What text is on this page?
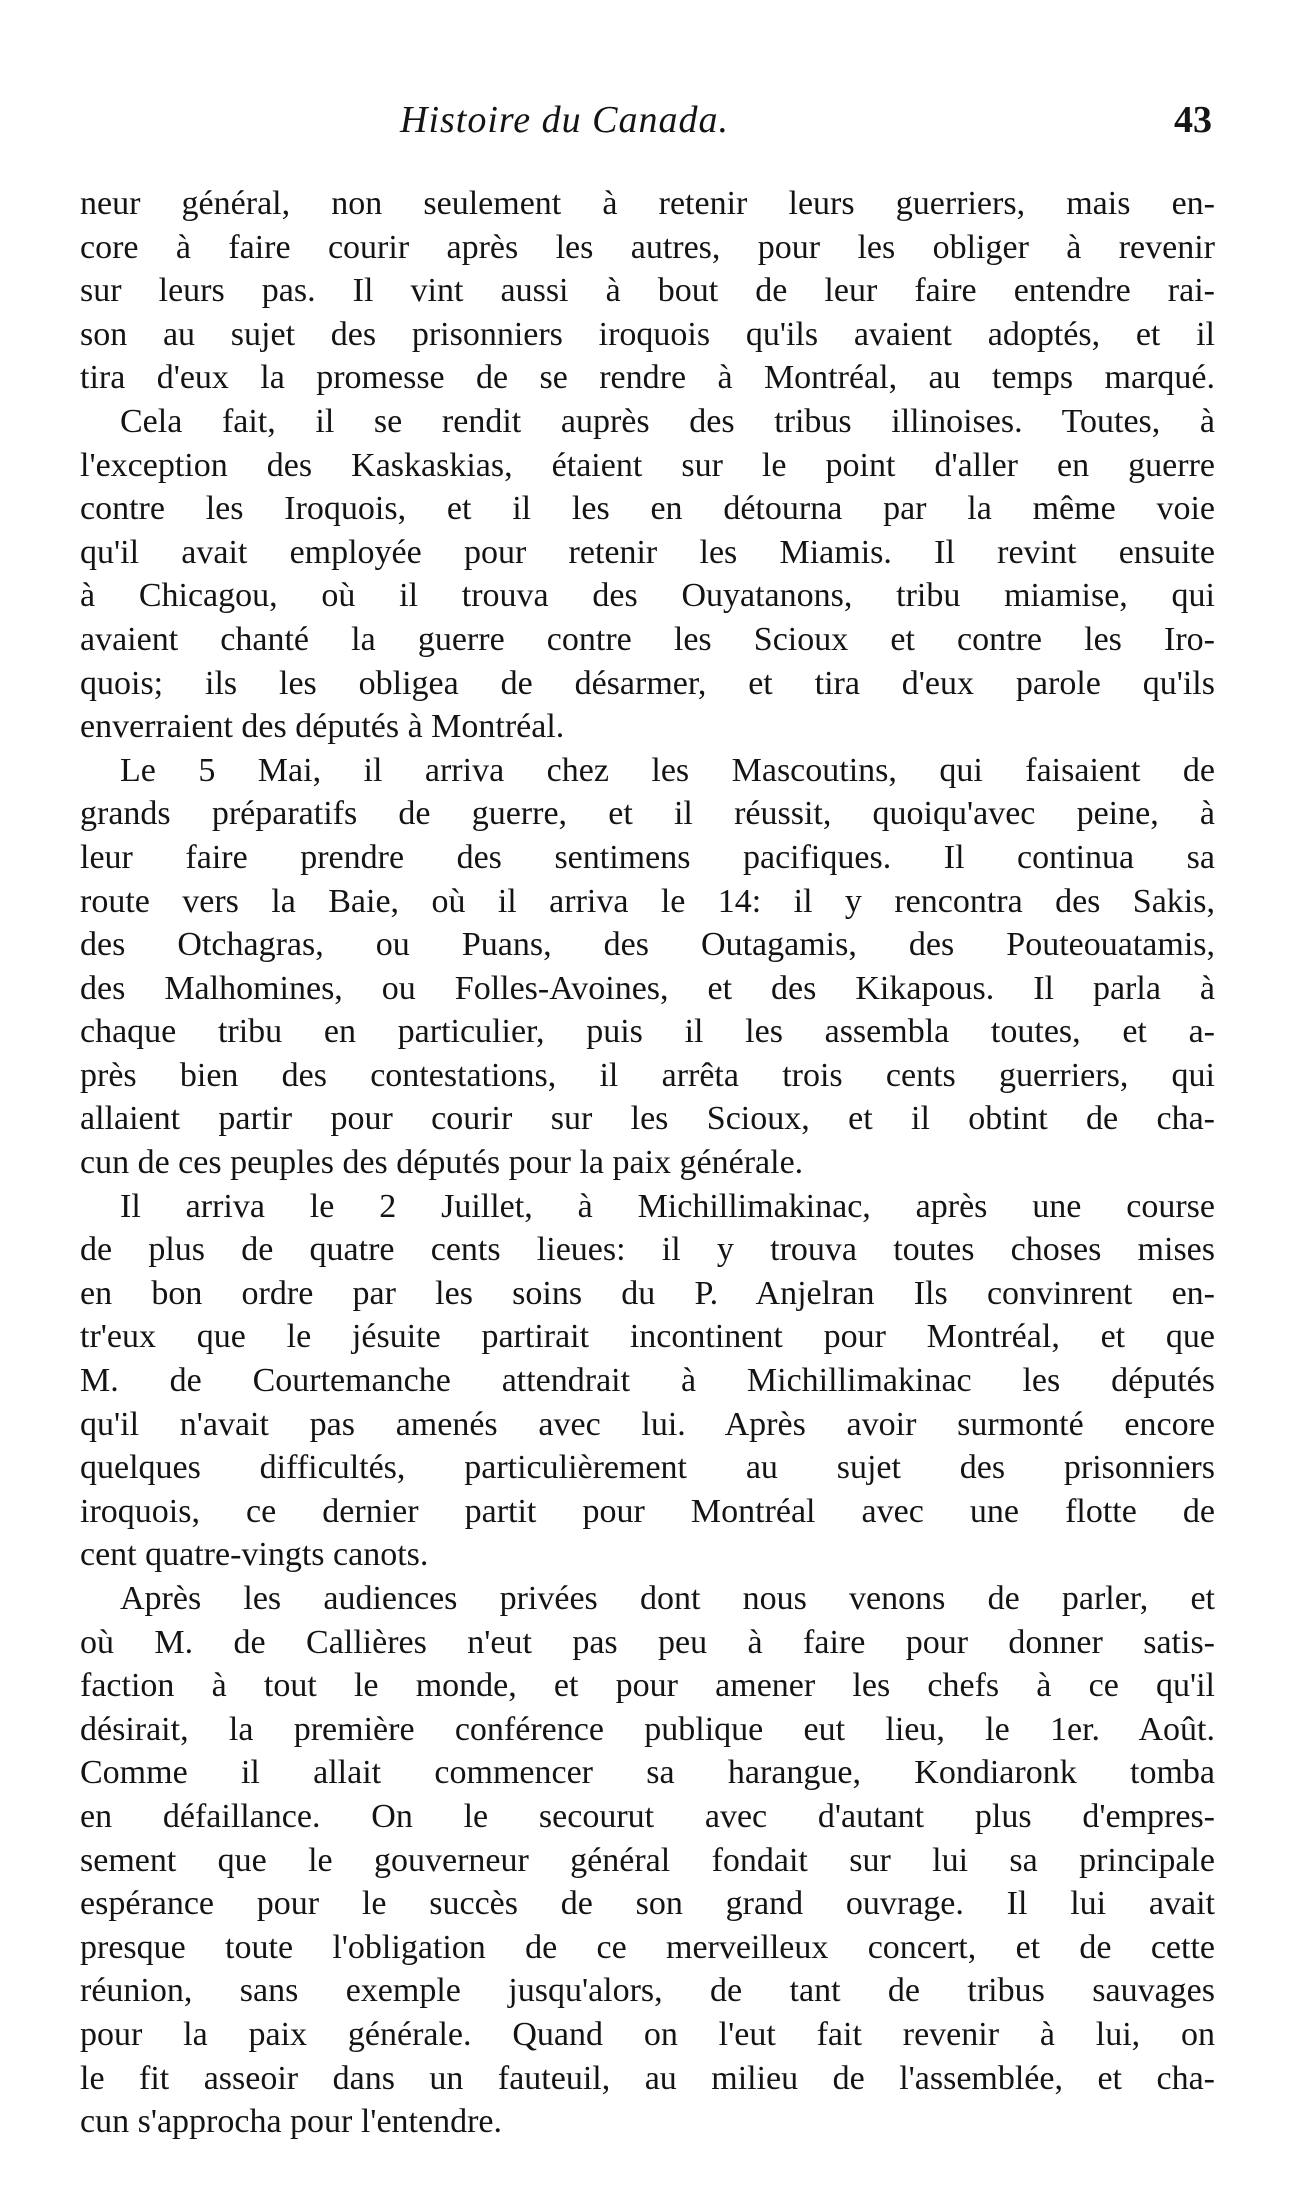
Histoire du Canada.	43
neur général, non seulement à retenir leurs guerriers, mais en-
core à faire courir après les autres, pour les obliger à revenir
sur leurs pas. Il vint aussi à bout de leur faire entendre rai-
son au sujet des prisonniers iroquois qu'ils avaient adoptés, et il
tira d'eux la promesse de se rendre à Montréal, au temps marqué.
Cela fait, il se rendit auprès des tribus illinoises. Toutes, à
l'exception des Kaskaskias, étaient sur le point d'aller en guerre
contre les Iroquois, et il les en détourna par la même voie
qu'il avait employée pour retenir les Miamis. Il revint ensuite
à Chicagou, où il trouva des Ouyatanons, tribu miamise, qui
avaient chanté la guerre contre les Scioux et contre les Iro-
quois; ils les obligea de désarmer, et tira d'eux parole qu'ils
enverraient des députés à Montréal.
Le 5 Mai, il arriva chez les Mascoutins, qui faisaient de
grands préparatifs de guerre, et il réussit, quoiqu'avec peine, à
leur faire prendre des sentimens pacifiques. Il continua sa
route vers la Baie, où il arriva le 14: il y rencontra des Sakis,
des Otchagras, ou Puans, des Outagamis, des Pouteouatamis,
des Malhomines, ou Folles-Avoines, et des Kikapous. Il parla à
chaque tribu en particulier, puis il les assembla toutes, et a-
près bien des contestations, il arrêta trois cents guerriers, qui
allaient partir pour courir sur les Scioux, et il obtint de cha-
cun de ces peuples des députés pour la paix générale.
Il arriva le 2 Juillet, à Michillimakinac, après une course
de plus de quatre cents lieues: il y trouva toutes choses mises
en bon ordre par les soins du P. Anjelran Ils convinrent en-
tr'eux que le jésuite partirait incontinent pour Montréal, et que
M. de Courtemanche attendrait à Michillimakinac les députés
qu'il n'avait pas amenés avec lui. Après avoir surmonté encore
quelques difficultés, particulièrement au sujet des prisonniers
iroquois, ce dernier partit pour Montréal avec une flotte de
cent quatre-vingts canots.
Après les audiences privées dont nous venons de parler, et
où M. de Callières n'eut pas peu à faire pour donner satis-
faction à tout le monde, et pour amener les chefs à ce qu'il
désirait, la première conférence publique eut lieu, le 1er. Août.
Comme il allait commencer sa harangue, Kondiaronk tomba
en défaillance. On le secourut avec d'autant plus d'empres-
sement que le gouverneur général fondait sur lui sa principale
espérance pour le succès de son grand ouvrage. Il lui avait
presque toute l'obligation de ce merveilleux concert, et de cette
réunion, sans exemple jusqu'alors, de tant de tribus sauvages
pour la paix générale. Quand on l'eut fait revenir à lui, on
le fit asseoir dans un fauteuil, au milieu de l'assemblée, et cha-
cun s'approcha pour l'entendre.
